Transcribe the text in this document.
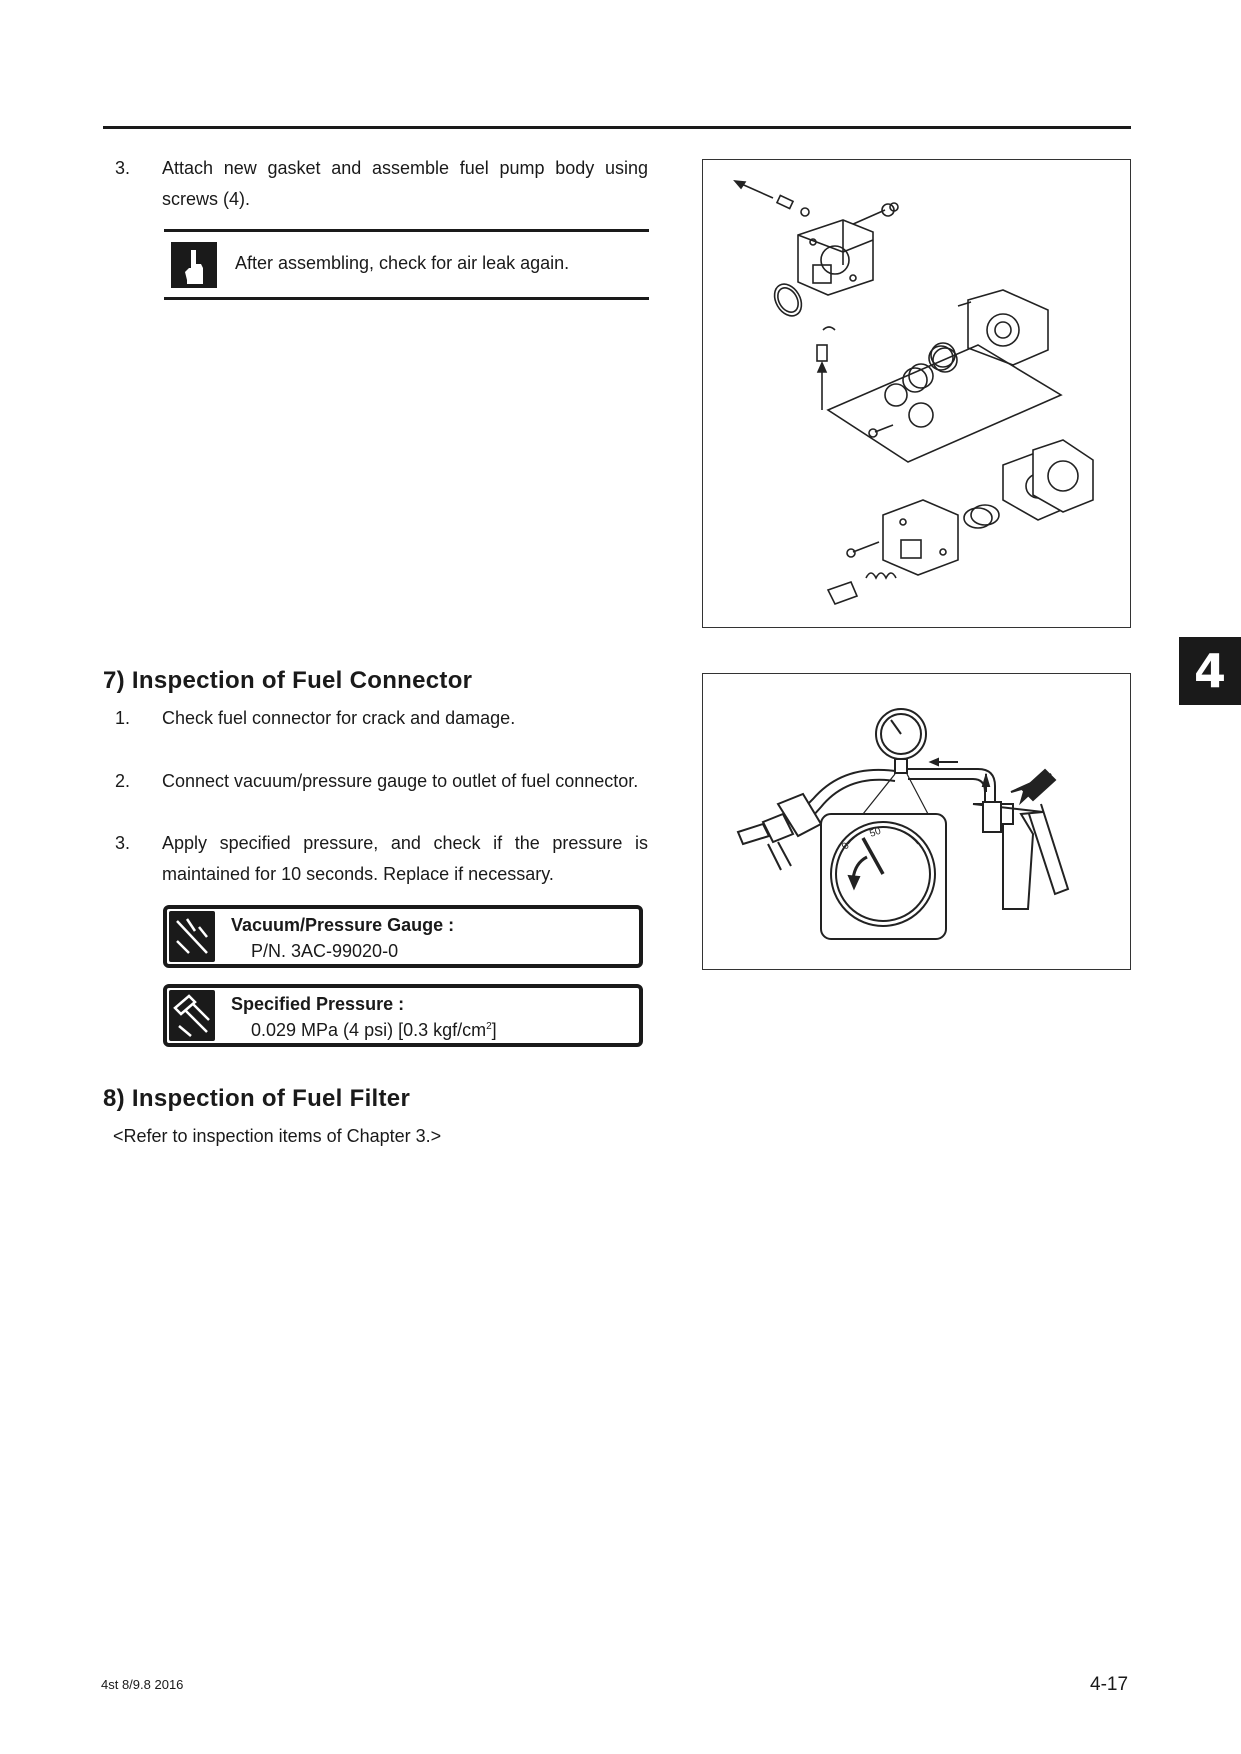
3.	Attach new gasket and assemble fuel pump body using screws (4).
After assembling, check for air leak again.
4
7) Inspection of Fuel Connector
1.	Check fuel connector for crack and damage.
2.	Connect vacuum/pressure gauge to outlet of fuel connector.
3.	Apply specified pressure, and check if the pressure is maintained for 10 seconds. Replace if necessary.
Vacuum/Pressure Gauge :
P/N. 3AC-99020-0
Specified Pressure :
0.029 MPa (4 psi) [0.3 kgf/$cm^2$]
0
50
8) Inspection of Fuel Filter
<Refer to inspection items of Chapter 3.>
4st 8/9.8 2016	4-17
